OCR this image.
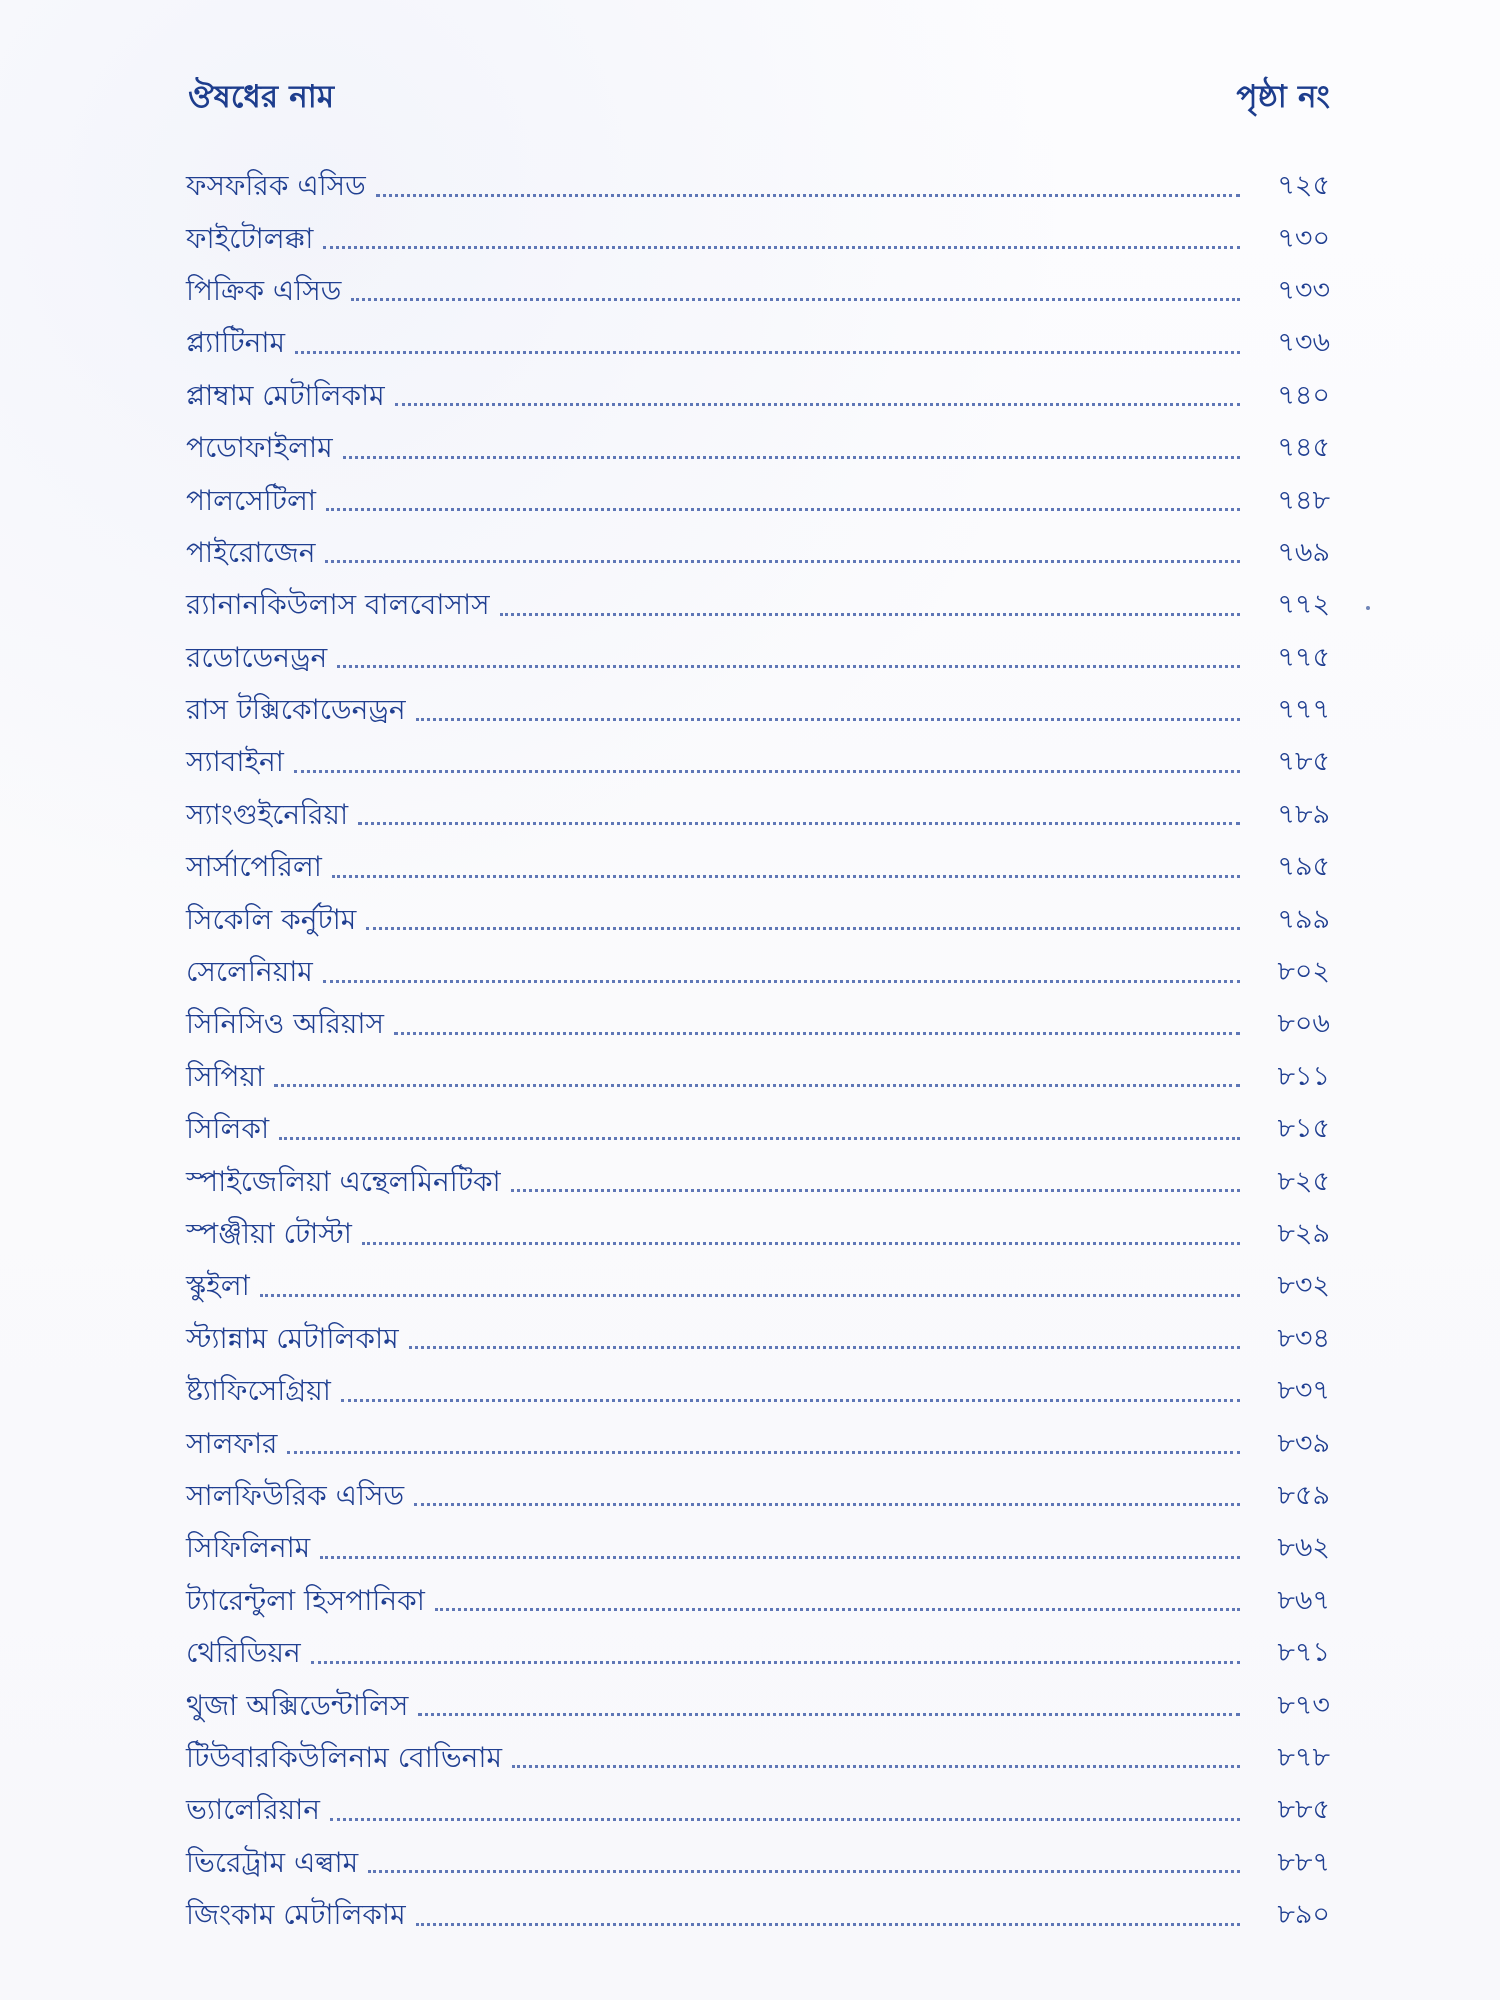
ঔষধের নাম	পৃষ্ঠা নং
ফসফরিক এসিড	৭২৫
ফাইটোলক্কা	৭৩০
পিক্রিক এসিড	৭৩৩
প্ল্যাটিনাম	৭৩৬
প্লাম্বাম মেটালিকাম	৭৪০
পডোফাইলাম	৭৪৫
পালসেটিলা	৭৪৮
পাইরোজেন	৭৬৯
র‍্যানানকিউলাস বালবোসাস	৭৭২
রডোডেনড্রন	৭৭৫
রাস টক্সিকোডেনড্রন	৭৭৭
স্যাবাইনা	৭৮৫
স্যাংগুইনেরিয়া	৭৮৯
সার্সাপেরিলা	৭৯৫
সিকেলি কর্নুটাম	৭৯৯
সেলেনিয়াম	৮০২
সিনিসিও অরিয়াস	৮০৬
সিপিয়া	৮১১
সিলিকা	৮১৫
স্পাইজেলিয়া এন্থেলমিনটিকা	৮২৫
স্পঞ্জীয়া টোস্টা	৮২৯
স্কুইলা	৮৩২
স্ট্যান্নাম মেটালিকাম	৮৩৪
ষ্ট্যাফিসেগ্রিয়া	৮৩৭
সালফার	৮৩৯
সালফিউরিক এসিড	৮৫৯
সিফিলিনাম	৮৬২
ট্যারেন্টুলা হিসপানিকা	৮৬৭
থেরিডিয়ন	৮৭১
থুজা অক্সিডেন্টালিস	৮৭৩
টিউবারকিউলিনাম বোভিনাম	৮৭৮
ভ্যালেরিয়ান	৮৮৫
ভিরেট্রাম এল্বাম	৮৮৭
জিংকাম মেটালিকাম	৮৯০
